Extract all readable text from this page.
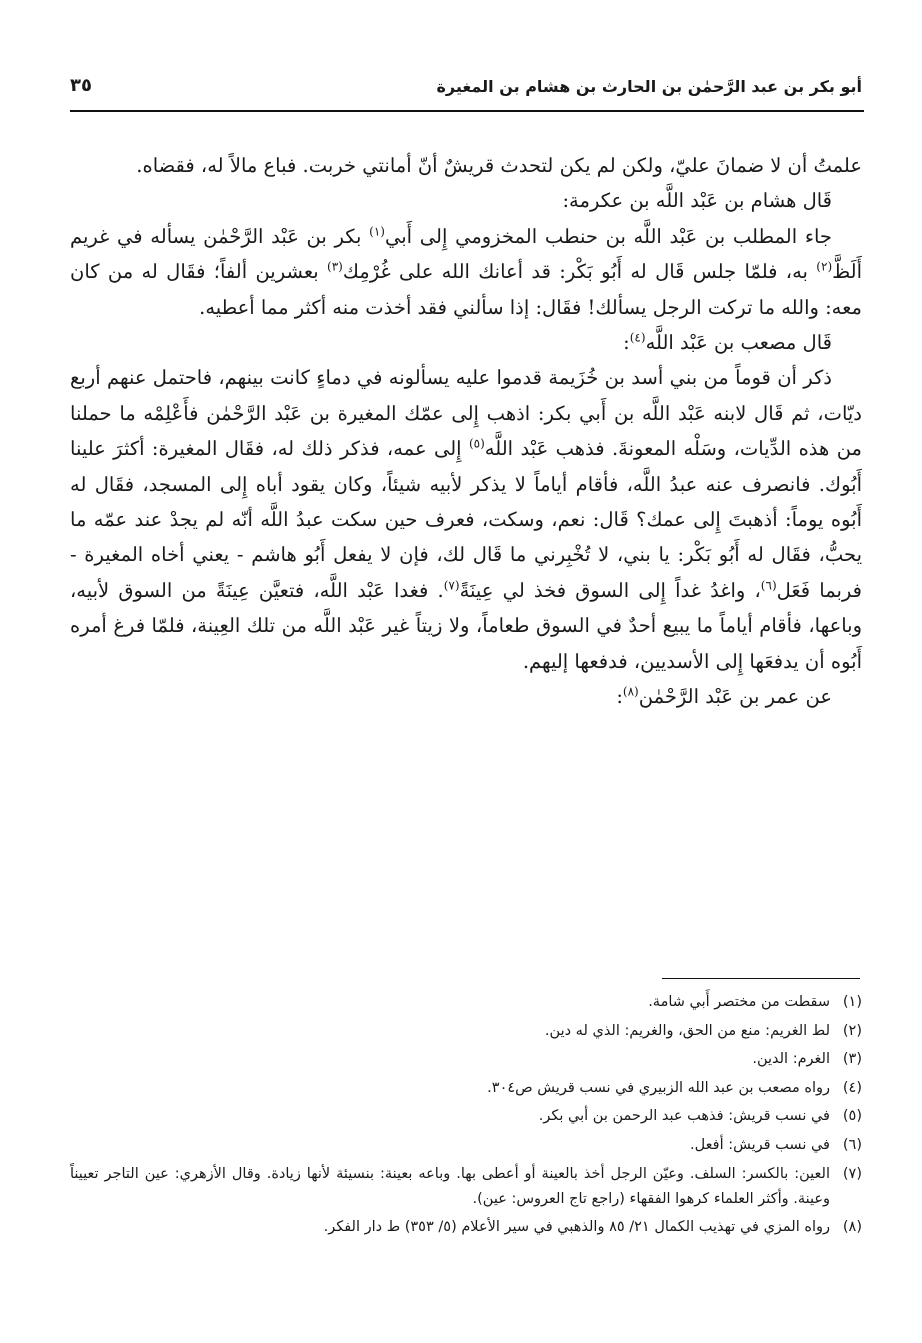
أبو بكر بن عبد الرَّحمٰن بن الحارث بن هشام بن المغيرة
٣٥

علمتُ أن لا ضمانَ عليّ، ولكن لم يكن لتحدث قريشٌ أنّ أمانتي خربت. فباع مالاً له، فقضاه.

قَال هشام بن عَبْد اللَّه بن عكرمة:

جاء المطلب بن عَبْد اللَّه بن حنطب المخزومي إِلى أَبي$^{(١)}$ بكر بن عَبْد الرَّحْمٰن يسأله في غريم أَلَظَّ$^{(٢)}$ به، فلمّا جلس قَال له أَبُو بَكْر: قد أعانك الله على غُرْمِك$^{(٣)}$ بعشرين ألفاً؛ فقَال له من كان معه: والله ما تركت الرجل يسألك! فقَال: إذا سألني فقد أخذت منه أكثر مما أعطيه.

قَال مصعب بن عَبْد اللَّه$^{(٤)}$:

ذكر أن قوماً من بني أسد بن خُزَيمة قدموا عليه يسألونه في دماءٍ كانت بينهم، فاحتمل عنهم أربع ديّات، ثم قَال لابنه عَبْد اللَّه بن أَبي بكر: اذهب إِلى عمّك المغيرة بن عَبْد الرَّحْمٰن فأَعْلِمْه ما حملنا من هذه الدِّيات، وسَلْه المعونةَ. فذهب عَبْد اللَّه$^{(٥)}$ إِلى عمه، فذكر ذلك له، فقَال المغيرة: أكثرَ علينا أَبُوك. فانصرف عنه عبدُ اللَّه، فأقام أياماً لا يذكر لأبيه شيئاً، وكان يقود أباه إِلى المسجد، فقَال له أَبُوه يوماً: أذهبتَ إِلى عمك؟ قَال: نعم، وسكت، فعرف حين سكت عبدُ اللَّه أنّه لم يجدْ عند عمّه ما يحبُّ، فقَال له أَبُو بَكْر: يا بني، لا تُخْبِرني ما قَال لك، فإن لا يفعل أَبُو هاشم - يعني أخاه المغيرة - فربما فَعَل$^{(٦)}$، واغدُ غداً إِلى السوق فخذ لي عِينَةً$^{(٧)}$. فغدا عَبْد اللَّه، فتعيَّن عِينَةً من السوق لأبيه، وباعها، فأقام أياماً ما يبيع أحدٌ في السوق طعاماً، ولا زيتاً غير عَبْد اللَّه من تلك العِينة، فلمّا فرغ أمره أَبُوه أن يدفعَها إِلى الأسديين، فدفعها إليهم.

عن عمر بن عَبْد الرَّحْمٰن$^{(٨)}$:

(١)
سقطت من مختصر أَبي شامة.
(٢)
لط الغريم: منع من الحق، والغريم: الذي له دين.
(٣)
الغرم: الدين.
(٤)
رواه مصعب بن عبد الله الزبيري في نسب قريش ص٣٠٤.
(٥)
في نسب قريش: فذهب عبد الرحمن بن أبي بكر.
(٦)
في نسب قريش: أفعل.
(٧)
العين: بالكسر: السلف. وعيّن الرجل أخذ بالعينة أو أعطى بها. وباعه بعينة: بنسيئة لأنها زيادة. وقال الأزهري: عين التاجر تعييناً وعينة. وأكثر العلماء كرهوا الفقهاء (راجع تاج العروس: عين).
(٨)
رواه المزي في تهذيب الكمال ٢١/ ٨٥ والذهبي في سير الأعلام (٥/ ٣٥٣) ط دار الفكر.
